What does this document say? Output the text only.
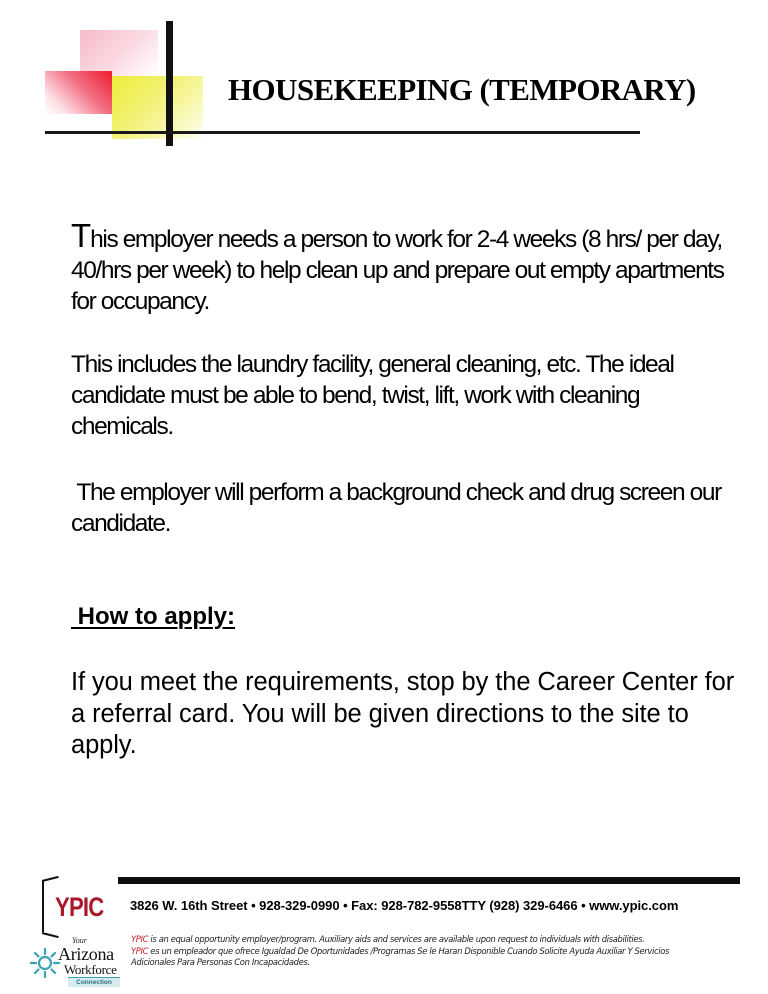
HOUSEKEEPING (TEMPORARY)
This employer needs a person to work for 2-4 weeks (8 hrs/ per day, 40/hrs per week) to help clean up and prepare out empty apartments for occupancy.
This includes the laundry facility, general cleaning, etc. The ideal candidate must be able to bend, twist, lift, work with cleaning chemicals.
The employer will perform a background check and drug screen our candidate.
How to apply:
If you meet the requirements, stop by the Career Center for a referral card. You will be given directions to the site to apply.
YPIC
Your
Arizona
Workforce
Connection
3826 W. 16th Street • 928-329-0990 • Fax: 928-782-9558TTY (928) 329-6466 • www.ypic.com
YPIC is an equal opportunity employer/program. Auxiliary aids and services are available upon request to individuals with disabilities.
YPIC es un empleador que ofrece Igualdad De Oportunidades /Programas Se le Haran Disponible Cuando Solicite Ayuda Auxiliar Y Servicios
Adicionales Para Personas Con Incapacidades.
